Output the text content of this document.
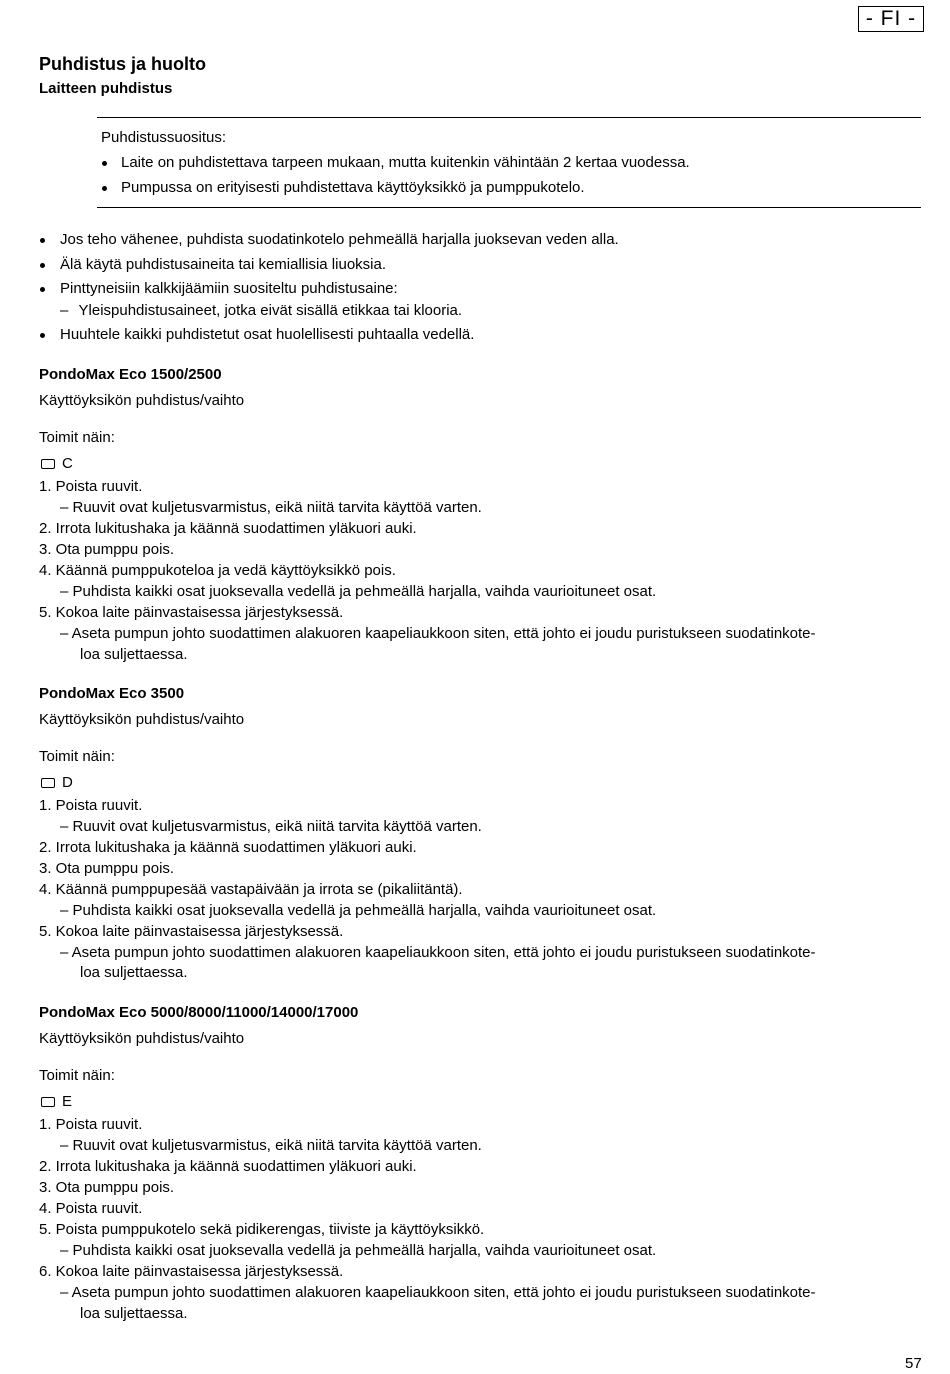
- FI -
Puhdistus ja huolto
Laitteen puhdistus
Puhdistussuositus:
Laite on puhdistettava tarpeen mukaan, mutta kuitenkin vähintään 2 kertaa vuodessa.
Pumpussa on erityisesti puhdistettava käyttöyksikkö ja pumppukotelo.
Jos teho vähenee, puhdista suodatinkotelo pehmeällä harjalla juoksevan veden alla.
Älä käytä puhdistusaineita tai kemiallisia liuoksia.
Pinttyneisiin kalkkijäämiin suositeltu puhdistusaine:
– Yleispuhdistusaineet, jotka eivät sisällä etikkaa tai klooria.
Huuhtele kaikki puhdistetut osat huolellisesti puhtaalla vedellä.
PondoMax Eco 1500/2500
Käyttöyksikön puhdistus/vaihto
Toimit näin:
C
1. Poista ruuvit.
– Ruuvit ovat kuljetusvarmistus, eikä niitä tarvita käyttöä varten.
2. Irrota lukitushaka ja käännä suodattimen yläkuori auki.
3. Ota pumppu pois.
4. Käännä pumppukoteloa ja vedä käyttöyksikkö pois.
– Puhdista kaikki osat juoksevalla vedellä ja pehmeällä harjalla, vaihda vaurioituneet osat.
5. Kokoa laite päinvastaisessa järjestyksessä.
– Aseta pumpun johto suodattimen alakuoren kaapeliaukkoon siten, että johto ei joudu puristukseen suodatinkote-
loa suljettaessa.
PondoMax Eco 3500
Käyttöyksikön puhdistus/vaihto
Toimit näin:
D
1. Poista ruuvit.
– Ruuvit ovat kuljetusvarmistus, eikä niitä tarvita käyttöä varten.
2. Irrota lukitushaka ja käännä suodattimen yläkuori auki.
3. Ota pumppu pois.
4. Käännä pumppupesää vastapäivään ja irrota se (pikaliitäntä).
– Puhdista kaikki osat juoksevalla vedellä ja pehmeällä harjalla, vaihda vaurioituneet osat.
5. Kokoa laite päinvastaisessa järjestyksessä.
– Aseta pumpun johto suodattimen alakuoren kaapeliaukkoon siten, että johto ei joudu puristukseen suodatinkote-
loa suljettaessa.
PondoMax Eco 5000/8000/11000/14000/17000
Käyttöyksikön puhdistus/vaihto
Toimit näin:
E
1. Poista ruuvit.
– Ruuvit ovat kuljetusvarmistus, eikä niitä tarvita käyttöä varten.
2. Irrota lukitushaka ja käännä suodattimen yläkuori auki.
3. Ota pumppu pois.
4. Poista ruuvit.
5. Poista pumppukotelo sekä pidikerengas, tiiviste ja käyttöyksikkö.
– Puhdista kaikki osat juoksevalla vedellä ja pehmeällä harjalla, vaihda vaurioituneet osat.
6. Kokoa laite päinvastaisessa järjestyksessä.
– Aseta pumpun johto suodattimen alakuoren kaapeliaukkoon siten, että johto ei joudu puristukseen suodatinkote-
loa suljettaessa.
57
